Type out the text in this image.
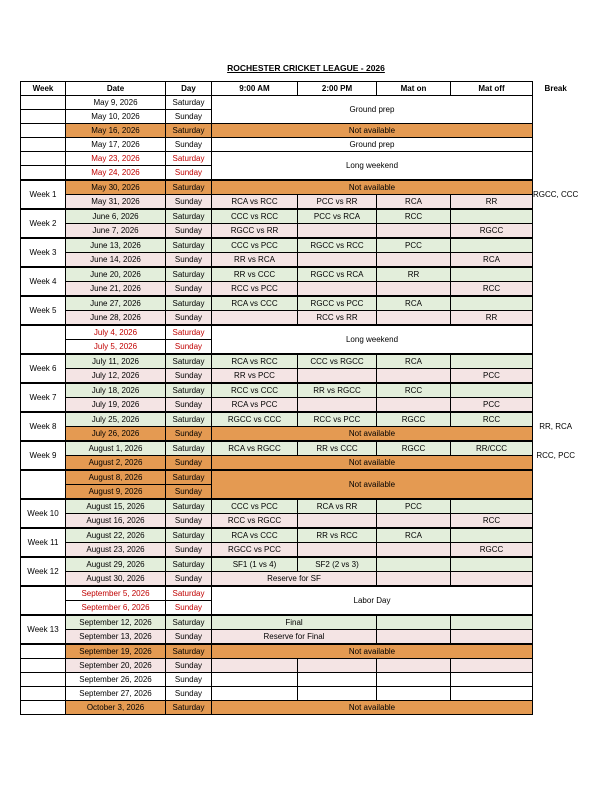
ROCHESTER CRICKET LEAGUE - 2026
Week	Date	Day	9:00 AM	2:00 PM	Mat on	Mat off	Break
	May 9, 2026	Saturday	Ground prep				
	May 10, 2026	Sunday					
	May 16, 2026	Saturday	Not available				
	May 17, 2026	Sunday	Ground prep				
	May 23, 2026	Saturday	Long weekend				
	May 24, 2026	Sunday					
Week 1	May 30, 2026	Saturday	Not available				RGCC, CCC
	May 31, 2026	Sunday	RCA vs RCC	PCC vs RR	RCA	RR	
Week 2	June 6, 2026	Saturday	CCC vs RCC	PCC vs RCA	RCC		
	June 7, 2026	Sunday	RGCC vs RR			RGCC	
Week 3	June 13, 2026	Saturday	CCC vs PCC	RGCC vs RCC	PCC		
	June 14, 2026	Sunday	RR vs RCA			RCA	
Week 4	June 20, 2026	Saturday	RR vs CCC	RGCC vs RCA	RR		
	June 21, 2026	Sunday	RCC vs PCC			RCC	
Week 5	June 27, 2026	Saturday	RCA vs CCC	RGCC vs PCC	RCA		
	June 28, 2026	Sunday		RCC vs RR		RR	
	July 4, 2026	Saturday	Long weekend				
	July 5, 2026	Sunday					
Week 6	July 11, 2026	Saturday	RCA vs RCC	CCC vs RGCC	RCA		
	July 12, 2026	Sunday	RR vs PCC			PCC	
Week 7	July 18, 2026	Saturday	RCC vs CCC	RR vs RGCC	RCC		
	July 19, 2026	Sunday	RCA vs PCC			PCC	
Week 8	July 25, 2026	Saturday	RGCC vs CCC	RCC vs PCC	RGCC	RCC	RR, RCA
	July 26, 2026	Sunday	Not available				
Week 9	August 1, 2026	Saturday	RCA vs RGCC	RR vs CCC	RGCC	RR/CCC	RCC, PCC
	August 2, 2026	Sunday	Not available				
	August 8, 2026	Saturday	Not available				
	August 9, 2026	Sunday					
Week 10	August 15, 2026	Saturday	CCC vs PCC	RCA vs RR	PCC		
	August 16, 2026	Sunday	RCC vs RGCC			RCC	
Week 11	August 22, 2026	Saturday	RCA vs CCC	RR vs RCC	RCA		
	August 23, 2026	Sunday	RGCC vs PCC			RGCC	
Week 12	August 29, 2026	Saturday	SF1 (1 vs 4)	SF2 (2 vs 3)			
	August 30, 2026	Sunday	Reserve for SF				
	September 5, 2026	Saturday	Labor Day				
	September 6, 2026	Sunday					
Week 13	September 12, 2026	Saturday	Final				
	September 13, 2026	Sunday	Reserve for Final				
	September 19, 2026	Saturday	Not available				
	September 20, 2026	Sunday					
	September 26, 2026	Sunday					
	September 27, 2026	Sunday					
	October 3, 2026	Saturday	Not available				
